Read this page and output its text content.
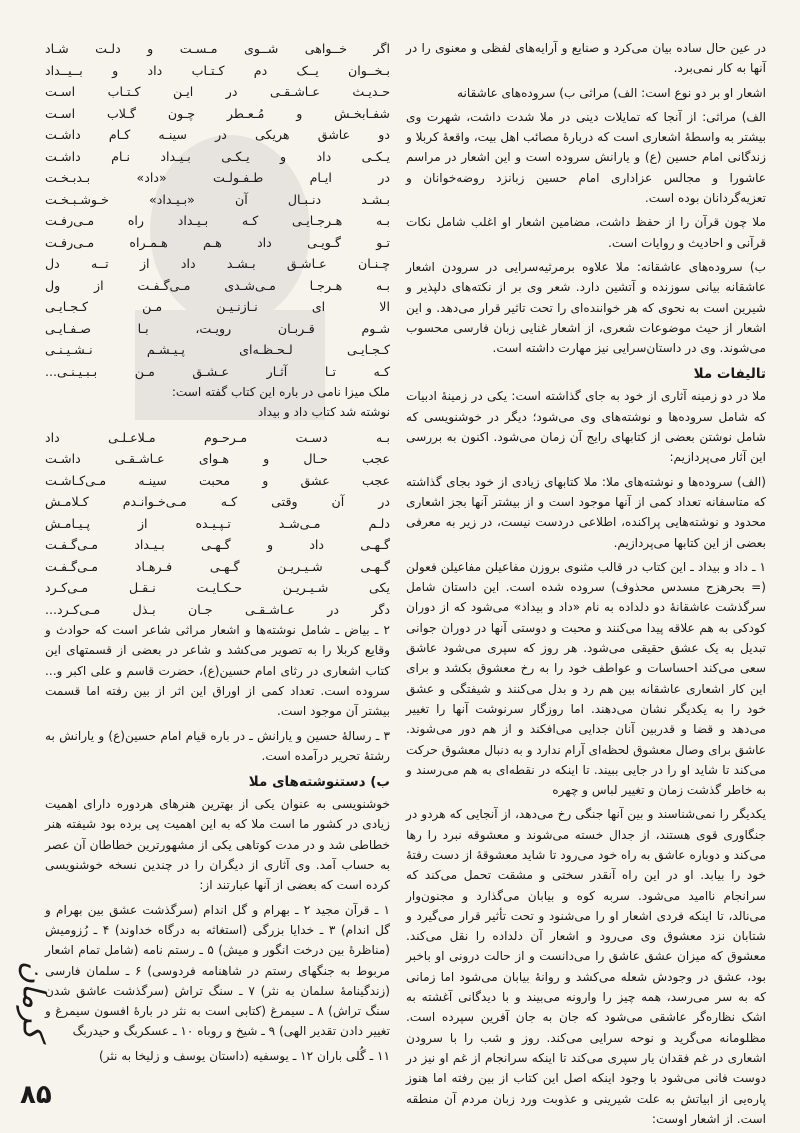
در عین حال ساده بیان می‌کرد و صنایع و آرایه‌های لفظی و معنوی را در آنها به کار نمی‌برد.

اشعار او بر دو نوع است: الف) مراثی ب) سروده‌های عاشقانه

الف) مراثی: از آنجا که تمایلات دینی در ملا شدت داشت، شهرت وی بیشتر به واسطهٔ اشعاری است که دربارهٔ مصائب اهل بیت، واقعهٔ کربلا و زندگانی امام حسین (ع) و یارانش سروده است و این اشعار در مراسم عاشورا و مجالس عزاداری امام حسین زبانزد روضه‌خوانان و تعزیه‌گردانان بوده است.

ملا چون قرآن را از حفظ داشت، مضامین اشعار او اغلب شامل نکات قرآنی و احادیث و روایات است.

ب) سروده‌های عاشقانه: ملا علاوه برمرثیه‌سرایی در سرودن اشعار عاشقانه بیانی سوزنده و آتشین دارد. شعر وی بر از نکته‌های دلپذیر و شیرین است به نحوی که هر خواننده‌ای را تحت تاثیر قرار می‌دهد. و این اشعار از حیث موضوعات شعری، از اشعار غنایی زبان فارسی محسوب می‌شوند. وی در داستان‌سرایی نیز مهارت داشته است.

تالیفات ملا

ملا در دو زمینه آثاری از خود به جای گذاشته است: یکی در زمینهٔ ادبیات که شامل سروده‌ها و نوشته‌های وی می‌شود؛ دیگر در خوشنویسی که شامل نوشتن بعضی از کتابهای رایج آن زمان می‌شود. اکنون به بررسی این آثار می‌پردازیم:

(الف) سروده‌ها و نوشته‌های ملا: ملا کتابهای زیادی از خود بجای گذاشته که متاسفانه تعداد کمی از آنها موجود است و از بیشتر آنها بجز اشعاری محدود و نوشته‌هایی پراکنده، اطلاعی دردست نیست، در زیر به معرفی بعضی از این کتابها می‌پردازیم.

۱ ـ داد و بیداد ـ این کتاب در قالب مثنوی بروزن مفاعیلن مفاعیلن فعولن (= بحرهزج مسدس محذوف) سروده شده است. این داستان شامل سرگذشت عاشقانهٔ دو دلداده به نام «داد و بیداد» می‌شود که از دوران کودکی به هم علاقه پیدا می‌کنند و محبت و دوستی آنها در دوران جوانی تبدیل به یک عشق حقیقی می‌شود. هر روز که سپری می‌شود عاشق سعی می‌کند احساسات و عواطف خود را به رخ معشوق بکشد و برای این کار اشعاری عاشقانه بین هم رد و بدل می‌کنند و شیفتگی و عشق خود را به یکدیگر نشان می‌دهند. اما روزگار سرنوشت آنها را تغییر می‌دهد و قضا و قدربین آنان جدایی می‌افکند و از هم دور می‌شوند. عاشق برای وصال معشوق لحظه‌ای آرام ندارد و به دنبال معشوق حرکت می‌کند تا شاید او را در جایی ببیند. تا اینکه در نقطه‌ای به هم می‌رسند و به خاطر گذشت زمان و تغییر لباس و چهره

یکدیگر را نمی‌شناسند و بین آنها جنگی رخ می‌دهد، از آنجایی که هردو در جنگاوری قوی هستند، از جدال خسته می‌شوند و معشوقه نبرد را رها می‌کند و دوباره عاشق به راه خود می‌رود تا شاید معشوقهٔ از دست رفتهٔ خود را بیابد. او در این راه آنقدر سختی و مشقت تحمل می‌کند که سرانجام ناامید می‌شود. سربه کوه و بیابان می‌گذارد و مجنون‌وار می‌نالد، تا اینکه فردی اشعار او را می‌شنود و تحت تأثیر قرار می‌گیرد و شتابان نزد معشوق وی می‌رود و اشعار آن دلداده را نقل می‌کند. معشوق که میزان عشق عاشق را می‌دانست و از حالت درونی او باخبر بود، عشق در وجودش شعله می‌کشد و روانهٔ بیابان می‌شود اما زمانی که به سر می‌رسد، همه چیز را وارونه می‌بیند و با دیدگانی آغشته به اشک نظاره‌گر عاشقی می‌شود که جان به جان آفرین سپرده است. مظلومانه می‌گرید و نوحه سرایی می‌کند. روز و شب را با سرودن اشعاری در غم فقدان یار سپری می‌کند تا اینکه سرانجام از غم او نیز در دوست فانی می‌شود با وجود اینکه اصل این کتاب از بین رفته اما هنوز پاره‌یی از ابیاتش به علت شیرینی و عذوبت ورد زبان مردم آن منطقه است. از اشعار اوست:

اگر خــواهی شــوی مـسـت و دلـت شـاد
بـخــوان یــک دم کـتـاب داد و بــیــداد
حـدیـث عـاشـقـی در ایـن کـتـاب اسـت
شفـابخـش و مُـعـطر چـون گـلاب اسـت
دو عاشق هریکی در سینـه کـام داشـت
یـکـی داد و یـکـی بـیـداد نـام داشـت
در ایـام طـفـولـت «داد» بـدبـخـت
بـشـد دنـبـال آن «بـیـداد» خـوشـبـخـت
بـه هـرجـایـی کـه بـیـداد راه مـی‌رفـت
تـو گـویـی داد هـم هـمـراه مـی‌رفـت
چـنـان عـاشـق بـشـد داد از تــه دل
بـه هـرجـا مـی‌شـدی مـی‌گـفـت از ول
الا ای نـازنـیـن مـن کـجـایـی
شـوم قـربـان رویـت، بـا صـفـایـی
کـجـایـی لـحـظـه‌ای پـیـشـم نـشـیـنـی
کـه تـا آثـار عـشـق مـن بـبـیـنـی...

ملک میزا نامی در باره این کتاب گفته است:
نوشته شد کتاب داد و بیداد

بـه دسـت مـرحـوم مـلاعـلـی داد
عجب حـال و هـوای عـاشـقـی داشـت
عجب عشق و محبت سینـه مـی‌کـاشـت
در آن وقتی کـه مـی‌خـوانـدم کـلامـش
دلـم مـی‌شـد تـپـیـده از پـیـامـش
گـهـی داد و گـهـی بـیـداد مـی‌گـفـت
گـهـی شـیـریـن گـهـی فـرهـاد مـی‌گـفـت
یکی شـیـریـن حـکـایـت نـقـل مـی‌کـرد
دگر در عـاشـقـی جـان بـذل مـی‌کـرد...

۲ ـ بیاض ـ شامل نوشته‌ها و اشعار مراثی شاعر است که حوادث و وقایع کربلا را به تصویر می‌کشد و شاعر در بعضی از قسمتهای این کتاب اشعاری در رثای امام حسین(ع)، حضرت قاسم و علی اکبر و... سروده است. تعداد کمی از اوراق این اثر از بین رفته اما قسمت بیشتر آن موجود است.

۳ ـ رسالهٔ حسین و یارانش ـ در باره قیام امام حسین(ع) و یارانش به رشتهٔ تحریر درآمده است.

ب) دستنوشته‌های ملا

خوشنویسی به عنوان یکی از بهترین هنرهای هردوره دارای اهمیت زیادی در کشور ما است ملا که به این اهمیت پی برده بود شیفته هنر خطاطی شد و در مدت کوتاهی یکی از مشهورترین خطاطان آن عصر به حساب آمد. وی آثاری از دیگران را در چندین نسخه خوشنویسی کرده است که بعضی از آنها عبارتند از:

۱ ـ قرآن مجید ۲ ـ بهرام و گل اندام (سرگذشت عشق بین بهرام و گل اندام) ۳ ـ خدایا بزرگی (استغاثه به درگاه خداوند) ۴ ـ رُزومیش (مناظرهٔ بین درخت انگور و میش) ۵ ـ رستم نامه (شامل تمام اشعار مربوط به جنگهای رستم در شاهنامه فردوسی) ۶ ـ سلمان فارسی (زندگینامهٔ سلمان به نثر) ۷ ـ سنگ تراش (سرگذشت عاشق شدن سنگ تراش) ۸ ـ سیمرغ (کتابی است به نثر در بارهٔ افسون سیمرغ و تغییر دادن تقدیر الهی) ۹ ـ شیخ و روباه ۱۰ ـ عسکربگ و حیدربگ

۱۱ ـ گُلی باران ۱۲ ـ یوسفیه (داستان یوسف و زلیخا به نثر)

کرمان
۸۵
